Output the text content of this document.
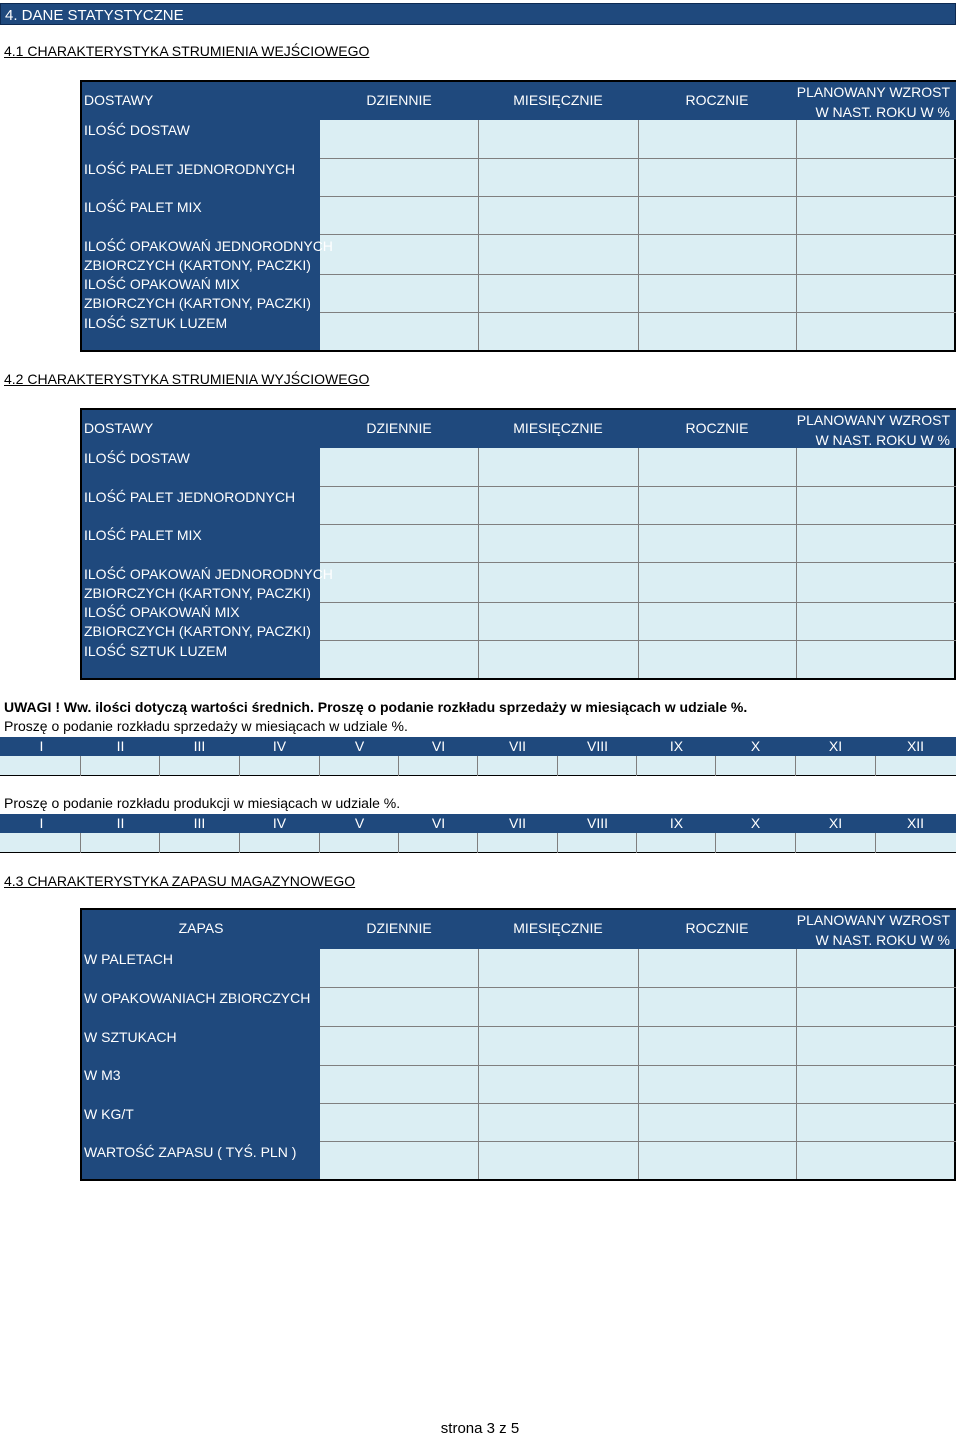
4. DANE STATYSTYCZNE
4.1 CHARAKTERYSTYKA STRUMIENIA WEJŚCIOWEGO
DOSTAWY	DZIENNIE	MIESIĘCZNIE	ROCZNIE	PLANOWANY WZROST
W NAST. ROKU W %
ILOŚĆ DOSTAW
ILOŚĆ PALET JEDNORODNYCH
ILOŚĆ PALET MIX
ILOŚĆ OPAKOWAŃ JEDNORODNYCH
ZBIORCZYCH (KARTONY, PACZKI)
ILOŚĆ OPAKOWAŃ MIX
ZBIORCZYCH (KARTONY, PACZKI)
ILOŚĆ SZTUK LUZEM
4.2 CHARAKTERYSTYKA STRUMIENIA WYJŚCIOWEGO
DOSTAWY	DZIENNIE	MIESIĘCZNIE	ROCZNIE	PLANOWANY WZROST
W NAST. ROKU W %
ILOŚĆ DOSTAW
ILOŚĆ PALET JEDNORODNYCH
ILOŚĆ PALET MIX
ILOŚĆ OPAKOWAŃ JEDNORODNYCH
ZBIORCZYCH (KARTONY, PACZKI)
ILOŚĆ OPAKOWAŃ MIX
ZBIORCZYCH (KARTONY, PACZKI)
ILOŚĆ SZTUK LUZEM
UWAGI ! Ww. ilości dotyczą wartości średnich. Proszę o podanie rozkładu sprzedaży w miesiącach w udziale %.
Proszę o podanie rozkładu sprzedaży w miesiącach w udziale %.
I	II	III	IV	V	VI	VII	VIII	IX	X	XI	XII
Proszę o podanie rozkładu produkcji w miesiącach w udziale %.
I	II	III	IV	V	VI	VII	VIII	IX	X	XI	XII
4.3 CHARAKTERYSTYKA ZAPASU MAGAZYNOWEGO
ZAPAS	DZIENNIE	MIESIĘCZNIE	ROCZNIE	PLANOWANY WZROST
W NAST. ROKU W %
W PALETACH
W OPAKOWANIACH ZBIORCZYCH
W SZTUKACH
W M3
W KG/T
WARTOŚĆ ZAPASU ( TYŚ. PLN )
strona 3 z 5
